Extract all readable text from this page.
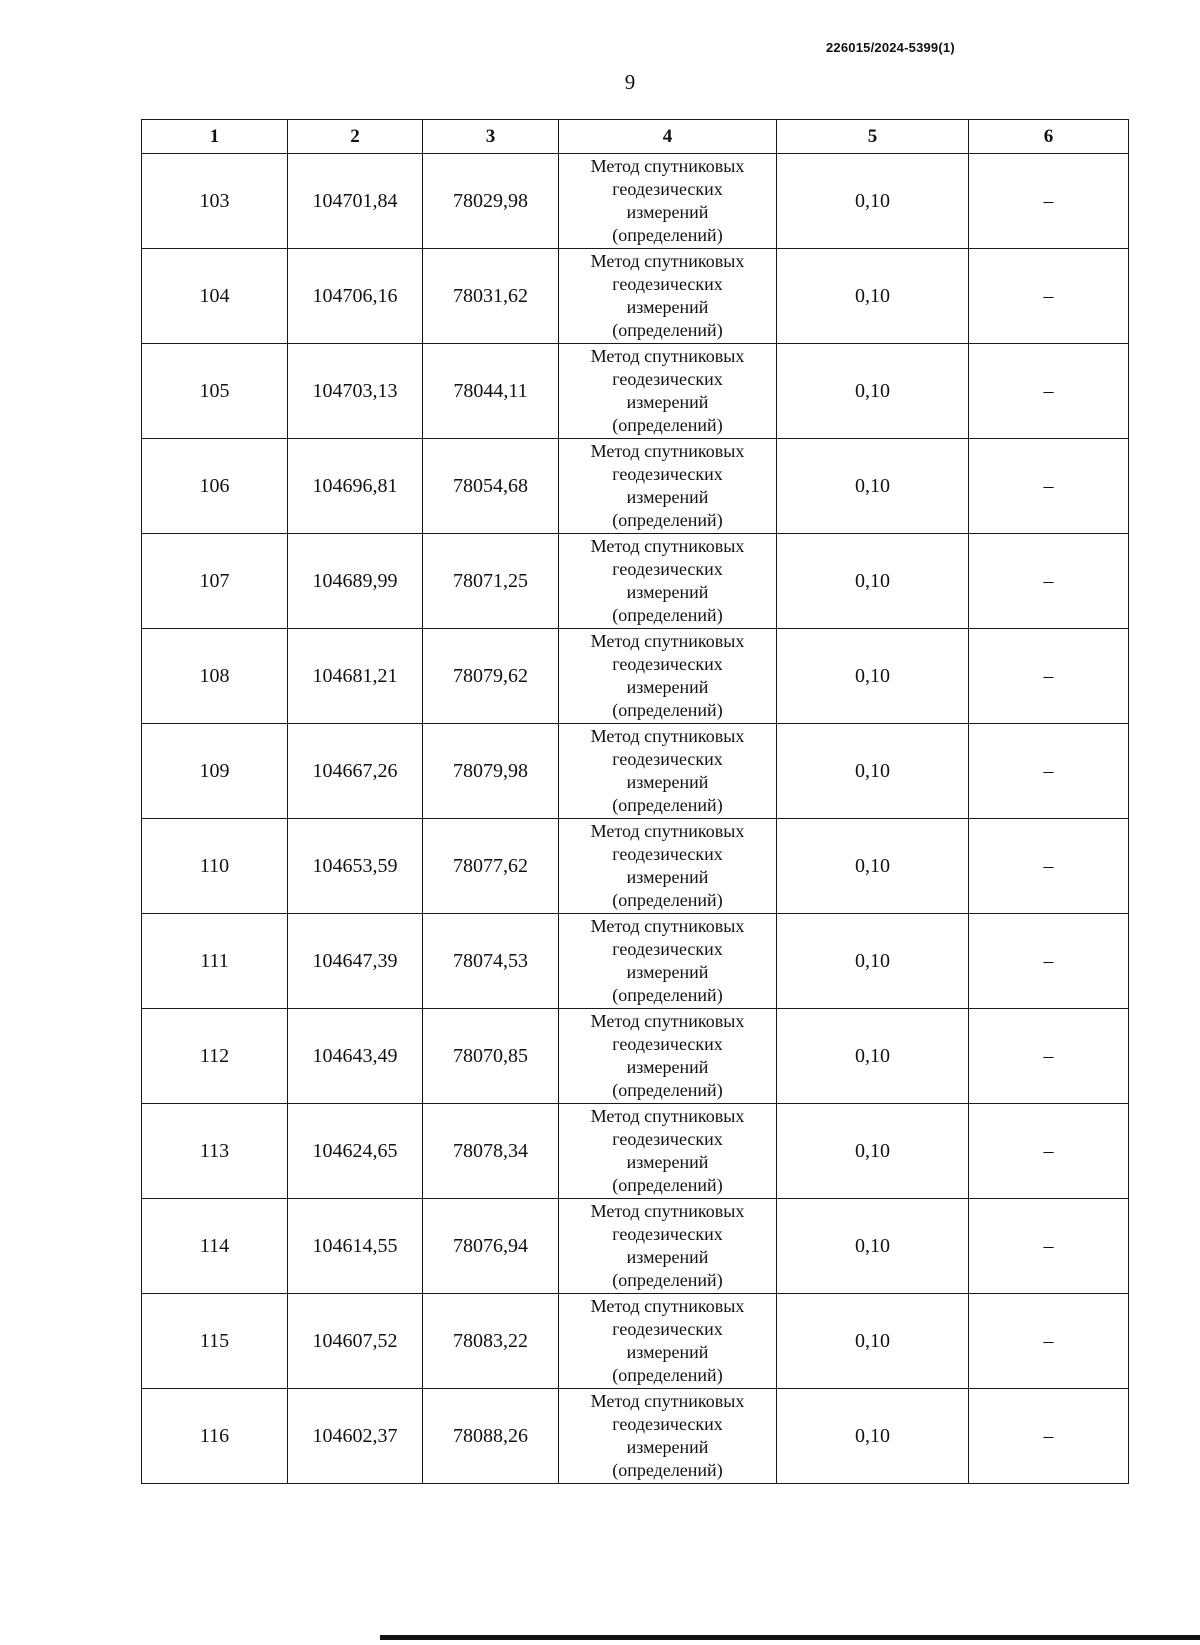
226015/2024-5399(1)
9
1	2	3	4	5	6
103	104701,84	78029,98	Метод спутниковых
геодезических
измерений
(определений)	0,10	–
104	104706,16	78031,62	Метод спутниковых
геодезических
измерений
(определений)	0,10	–
105	104703,13	78044,11	Метод спутниковых
геодезических
измерений
(определений)	0,10	–
106	104696,81	78054,68	Метод спутниковых
геодезических
измерений
(определений)	0,10	–
107	104689,99	78071,25	Метод спутниковых
геодезических
измерений
(определений)	0,10	–
108	104681,21	78079,62	Метод спутниковых
геодезических
измерений
(определений)	0,10	–
109	104667,26	78079,98	Метод спутниковых
геодезических
измерений
(определений)	0,10	–
110	104653,59	78077,62	Метод спутниковых
геодезических
измерений
(определений)	0,10	–
111	104647,39	78074,53	Метод спутниковых
геодезических
измерений
(определений)	0,10	–
112	104643,49	78070,85	Метод спутниковых
геодезических
измерений
(определений)	0,10	–
113	104624,65	78078,34	Метод спутниковых
геодезических
измерений
(определений)	0,10	–
114	104614,55	78076,94	Метод спутниковых
геодезических
измерений
(определений)	0,10	–
115	104607,52	78083,22	Метод спутниковых
геодезических
измерений
(определений)	0,10	–
116	104602,37	78088,26	Метод спутниковых
геодезических
измерений
(определений)	0,10	–
